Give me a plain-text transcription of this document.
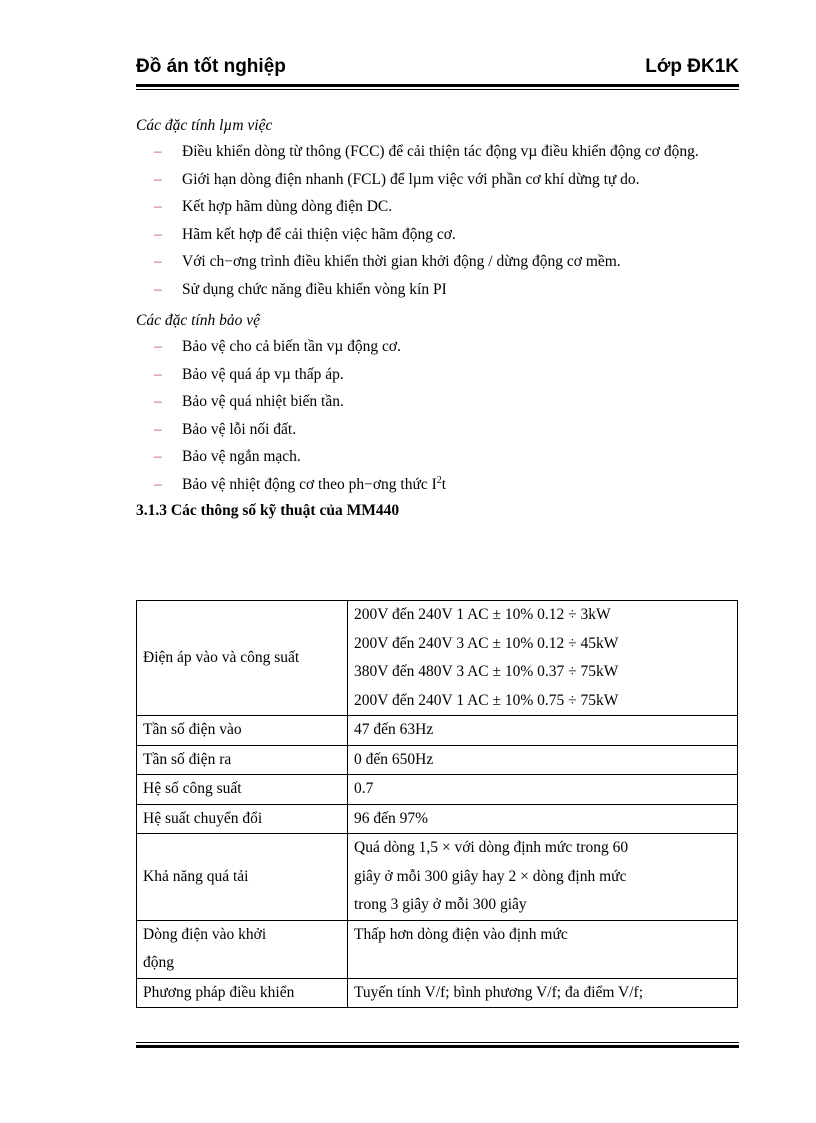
Đồ án tốt nghiệp	Lớp ĐK1K

Các đặc tính lµm việc

– Điều khiển dòng từ thông (FCC) để cải thiện tác động vµ điều khiển động cơ động.
– Giới hạn dòng điện nhanh (FCL) để lµm việc với phần cơ khí dừng tự do.
– Kết hợp hãm dùng dòng điện DC.
– Hãm kết hợp để cải thiện việc hãm động cơ.
– Với ch−ơng trình điều khiển thời gian khởi động / dừng động cơ mềm.
– Sử dụng chức năng điều khiển vòng kín PI

Các đặc tính bảo vệ

– Bảo vệ cho cả biến tần vµ động cơ.
– Bảo vệ quá áp vµ thấp áp.
– Bảo vệ quá nhiệt biến tần.
– Bảo vệ lỗi nối đất.
– Bảo vệ ngắn mạch.
– Bảo vệ nhiệt động cơ theo ph−ơng thức $I^2t$
3.1.3 Các thông số kỹ thuật của MM440
Điện áp vào và công suất	200V đến 240V 1 AC ± 10% 0.12 ÷ 3kW
200V đến 240V 3 AC ± 10% 0.12 ÷ 45kW
380V đến 480V 3 AC ± 10% 0.37 ÷ 75kW
200V đến 240V 1 AC ± 10% 0.75 ÷ 75kW

Tần số điện vào	47 đến 63Hz
Tần số điện ra	0 đến 650Hz
Hệ số công suất	0.7
Hệ suất chuyển đổi	96 đến 97%
Khả năng quá tải	Quá dòng 1,5 × với dòng định mức trong 60
giây ở mỗi 300 giây hay 2 × dòng định mức
trong 3 giây ở mỗi 300 giây

Dòng điện vào khởi
động	Thấp hơn dòng điện vào định mức
Phương pháp điều khiển	Tuyến tính V/f; bình phương V/f; đa điểm V/f;
